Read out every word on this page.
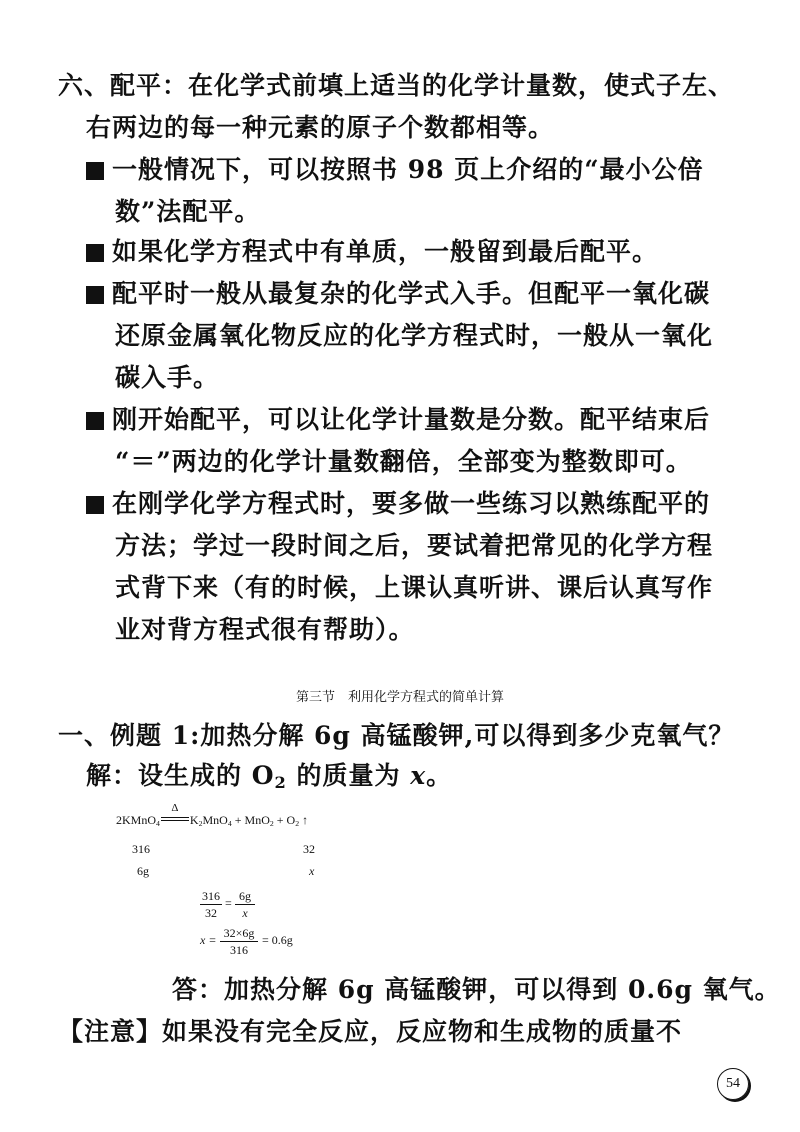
六、配平：在化学式前填上适当的化学计量数，使式子左、
右两边的每一种元素的原子个数都相等。
一般情况下，可以按照书 98 页上介绍的“最小公倍
数”法配平。
如果化学方程式中有单质，一般留到最后配平。
配平时一般从最复杂的化学式入手。但配平一氧化碳
还原金属氧化物反应的化学方程式时，一般从一氧化
碳入手。
刚开始配平，可以让化学计量数是分数。配平结束后
“＝”两边的化学计量数翻倍，全部变为整数即可。
在刚学化学方程式时，要多做一些练习以熟练配平的
方法；学过一段时间之后，要试着把常见的化学方程
式背下来（有的时候，上课认真听讲、课后认真写作
业对背方程式很有帮助）。
第三节　利用化学方程式的简单计算
一、例题 1:加热分解 6g 高锰酸钾,可以得到多少克氧气？
解：设生成的 $O_2$ 的质量为 x。
2KMnO$_4$
Δ
$K_2MnO_4 + MnO_2 + O_2$ ↑
316	32
6g	x
316
32
= 6g
x
x = 32×6g
316
= 0.6g
答：加热分解 6g 高锰酸钾，可以得到 0.6g 氧气。
【注意】如果没有完全反应，反应物和生成物的质量不
54
